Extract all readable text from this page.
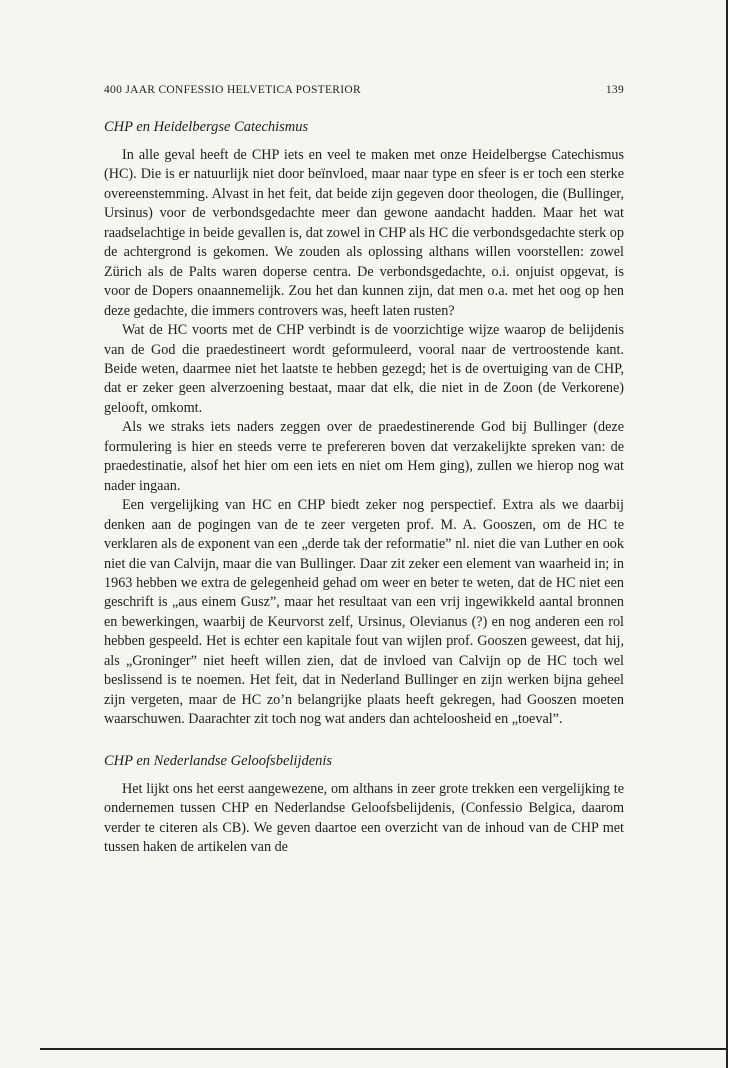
400 JAAR CONFESSIO HELVETICA POSTERIOR	139
CHP en Heidelbergse Catechismus

In alle geval heeft de CHP iets en veel te maken met onze Heidelbergse Catechismus (HC). Die is er natuurlijk niet door beïnvloed, maar naar type en sfeer is er toch een sterke overeenstemming. Alvast in het feit, dat beide zijn gegeven door theologen, die (Bullinger, Ursinus) voor de verbondsgedachte meer dan gewone aandacht hadden. Maar het wat raadselachtige in beide gevallen is, dat zowel in CHP als HC die verbondsgedachte sterk op de achtergrond is gekomen. We zouden als oplossing althans willen voorstellen: zowel Zürich als de Palts waren doperse centra. De verbondsgedachte, o.i. onjuist opgevat, is voor de Dopers onaannemelijk. Zou het dan kunnen zijn, dat men o.a. met het oog op hen deze gedachte, die immers controvers was, heeft laten rusten?

Wat de HC voorts met de CHP verbindt is de voorzichtige wijze waarop de belijdenis van de God die praedestineert wordt geformuleerd, vooral naar de vertroostende kant. Beide weten, daarmee niet het laatste te hebben gezegd; het is de overtuiging van de CHP, dat er zeker geen alverzoening bestaat, maar dat elk, die niet in de Zoon (de Verkorene) gelooft, omkomt.

Als we straks iets naders zeggen over de praedestinerende God bij Bullinger (deze formulering is hier en steeds verre te prefereren boven dat verzakelijkte spreken van: de praedestinatie, alsof het hier om een iets en niet om Hem ging), zullen we hierop nog wat nader ingaan.

Een vergelijking van HC en CHP biedt zeker nog perspectief. Extra als we daarbij denken aan de pogingen van de te zeer vergeten prof. M. A. Gooszen, om de HC te verklaren als de exponent van een „derde tak der reformatie” nl. niet die van Luther en ook niet die van Calvijn, maar die van Bullinger. Daar zit zeker een element van waarheid in; in 1963 hebben we extra de gelegenheid gehad om weer en beter te weten, dat de HC niet een geschrift is „aus einem Gusz”, maar het resultaat van een vrij ingewikkeld aantal bronnen en bewerkingen, waarbij de Keurvorst zelf, Ursinus, Olevianus (?) en nog anderen een rol hebben gespeeld. Het is echter een kapitale fout van wijlen prof. Gooszen geweest, dat hij, als „Groninger” niet heeft willen zien, dat de invloed van Calvijn op de HC toch wel beslissend is te noemen. Het feit, dat in Nederland Bullinger en zijn werken bijna geheel zijn vergeten, maar de HC zo’n belangrijke plaats heeft gekregen, had Gooszen moeten waarschuwen. Daarachter zit toch nog wat anders dan achteloosheid en „toeval”.

CHP en Nederlandse Geloofsbelijdenis

Het lijkt ons het eerst aangewezene, om althans in zeer grote trekken een vergelijking te ondernemen tussen CHP en Nederlandse Geloofsbelijdenis, (Confessio Belgica, daarom verder te citeren als CB). We geven daartoe een overzicht van de inhoud van de CHP met tussen haken de artikelen van de
